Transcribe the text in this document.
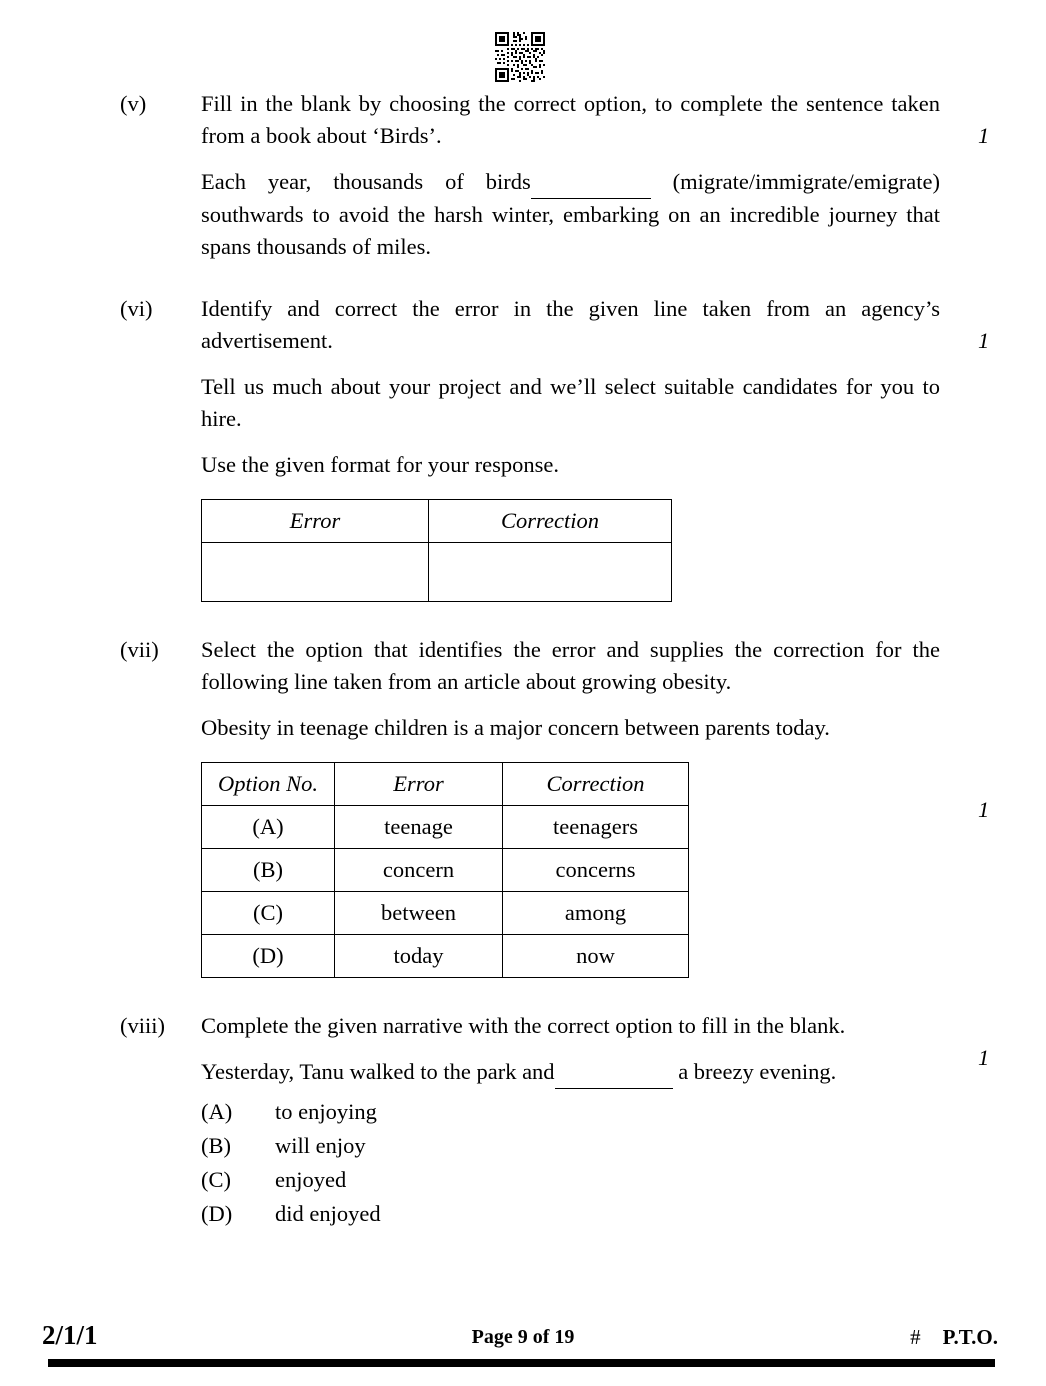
(v)
1

Fill in the blank by choosing the correct option, to complete the sentence taken from a book about ‘Birds’.

Each year, thousands of birds	(migrate/immigrate/emigrate) southwards to avoid the harsh winter, embarking on an incredible journey that spans thousands of miles.

(vi)
1

Identify and correct the error in the given line taken from an agency’s advertisement.

Tell us much about your project and we’ll select suitable candidates for you to hire.

Use the given format for your response.

Error	Correction

(vii)
1

Select the option that identifies the error and supplies the correction for the following line taken from an article about growing obesity.

Obesity in teenage children is a major concern between parents today.

Option No.	Error	Correction
(A)	teenage	teenagers
(B)	concern	concerns
(C)	between	among
(D)	today	now
(viii)
1

Complete the given narrative with the correct option to fill in the blank.

Yesterday, Tanu walked to the park and	a breezy evening.

(A)	to enjoying
(B)	will enjoy
(C)	enjoyed
(D)	did enjoyed
2/1/1	Page 9 of 19	# P.T.O.
